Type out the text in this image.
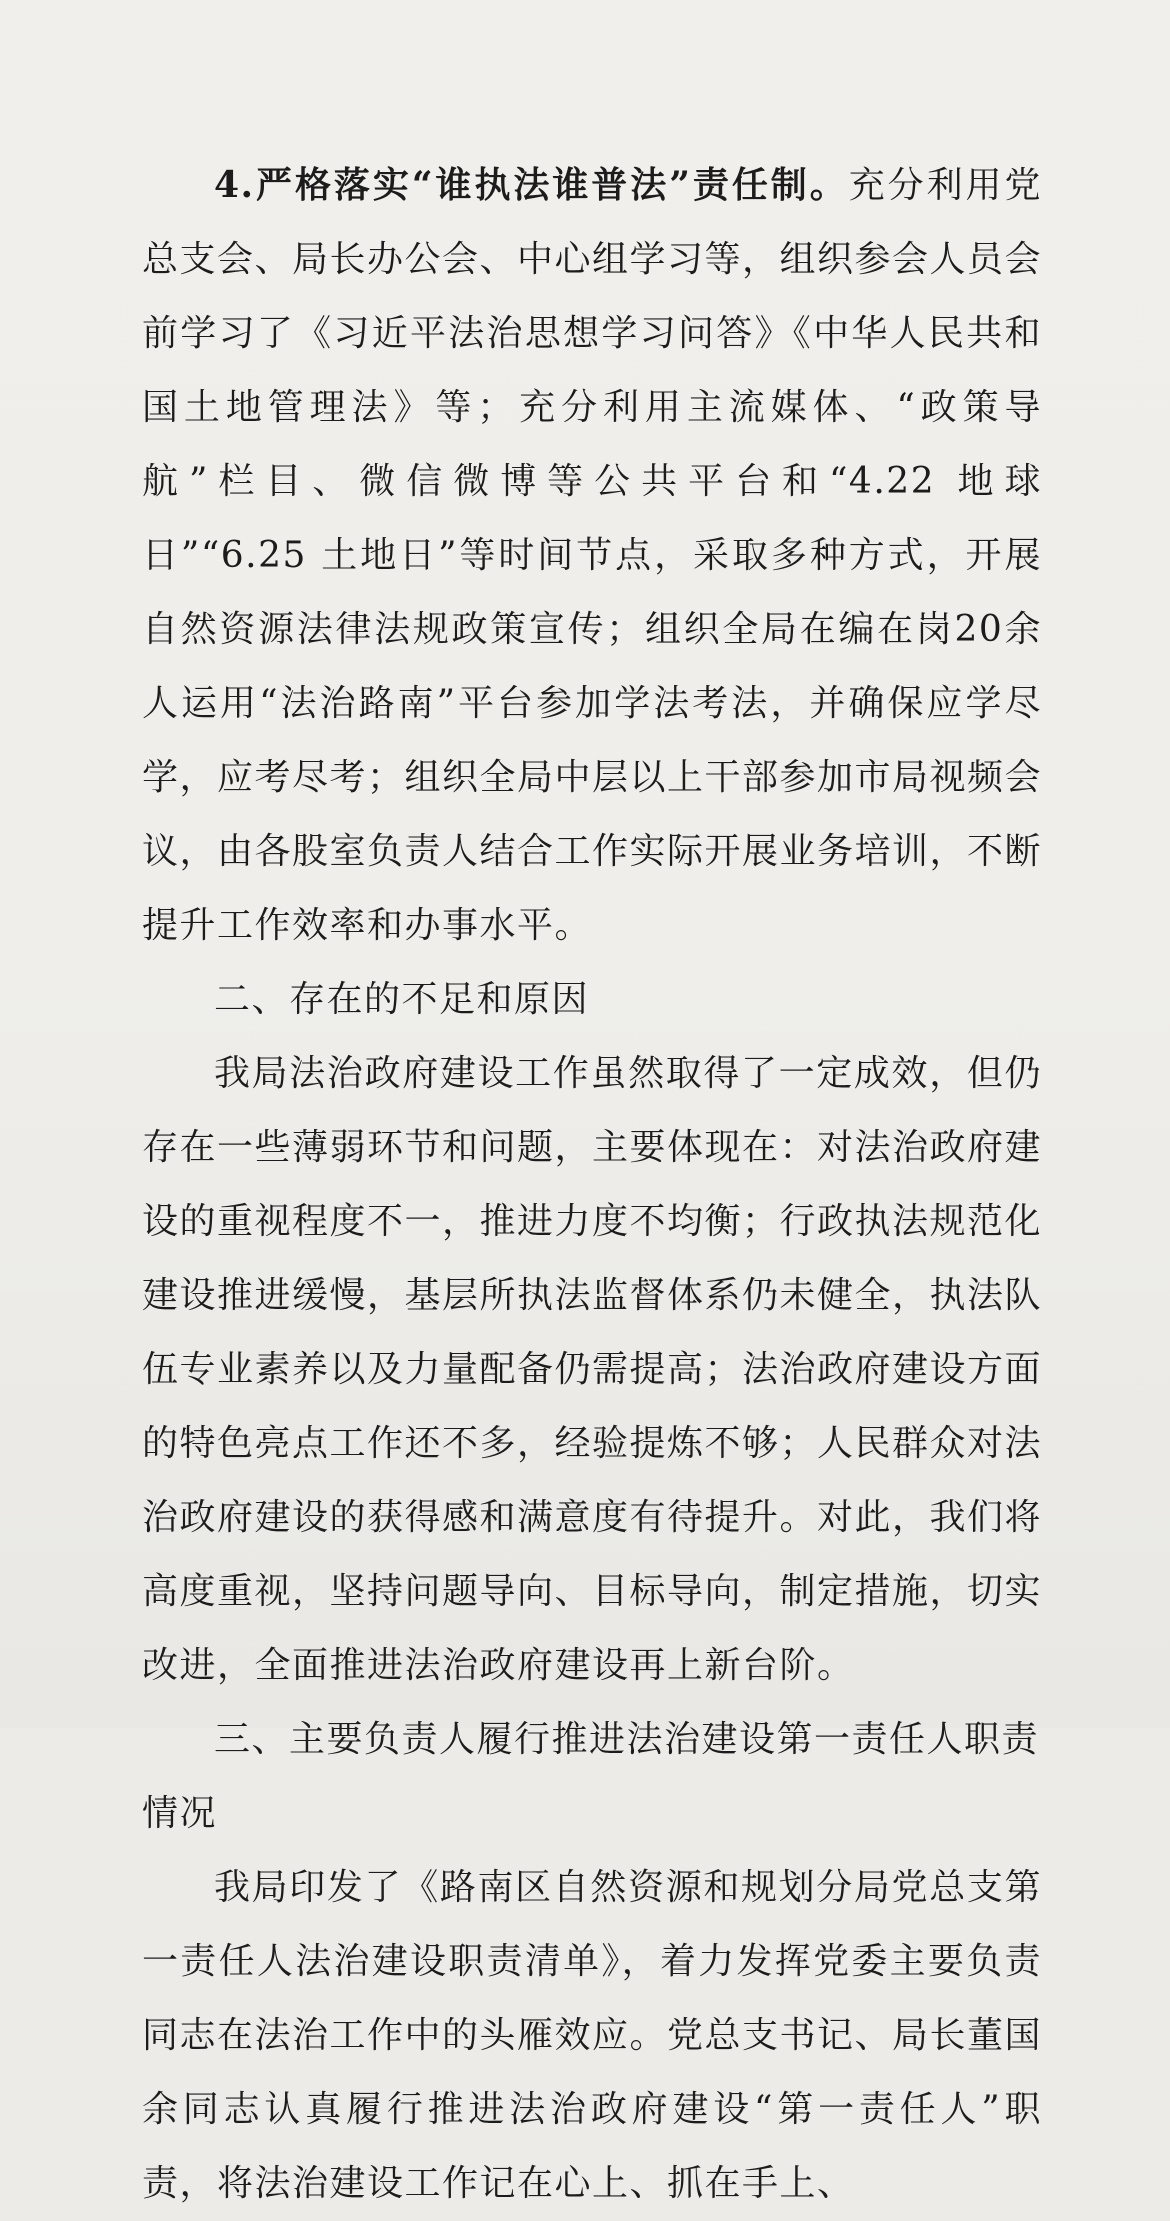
4.严格落实“谁执法谁普法”责任制。充分利用党总支会、局长办公会、中心组学习等，组织参会人员会前学习了《习近平法治思想学习问答》《中华人民共和国土地管理法》等；充分利用主流媒体、“政策导航”栏目、微信微博等公共平台和“4.22 地球日”“6.25 土地日”等时间节点，采取多种方式，开展自然资源法律法规政策宣传；组织全局在编在岗20余人运用“法治路南”平台参加学法考法，并确保应学尽学，应考尽考；组织全局中层以上干部参加市局视频会议，由各股室负责人结合工作实际开展业务培训，不断提升工作效率和办事水平。

二、存在的不足和原因

我局法治政府建设工作虽然取得了一定成效，但仍存在一些薄弱环节和问题，主要体现在：对法治政府建设的重视程度不一，推进力度不均衡；行政执法规范化建设推进缓慢，基层所执法监督体系仍未健全，执法队伍专业素养以及力量配备仍需提高；法治政府建设方面的特色亮点工作还不多，经验提炼不够；人民群众对法治政府建设的获得感和满意度有待提升。对此，我们将高度重视，坚持问题导向、目标导向，制定措施，切实改进，全面推进法治政府建设再上新台阶。

三、主要负责人履行推进法治建设第一责任人职责情况

我局印发了《路南区自然资源和规划分局党总支第一责任人法治建设职责清单》，着力发挥党委主要负责同志在法治工作中的头雁效应。党总支书记、局长董国余同志认真履行推进法治政府建设“第一责任人”职责，将法治建设工作记在心上、抓在手上、
